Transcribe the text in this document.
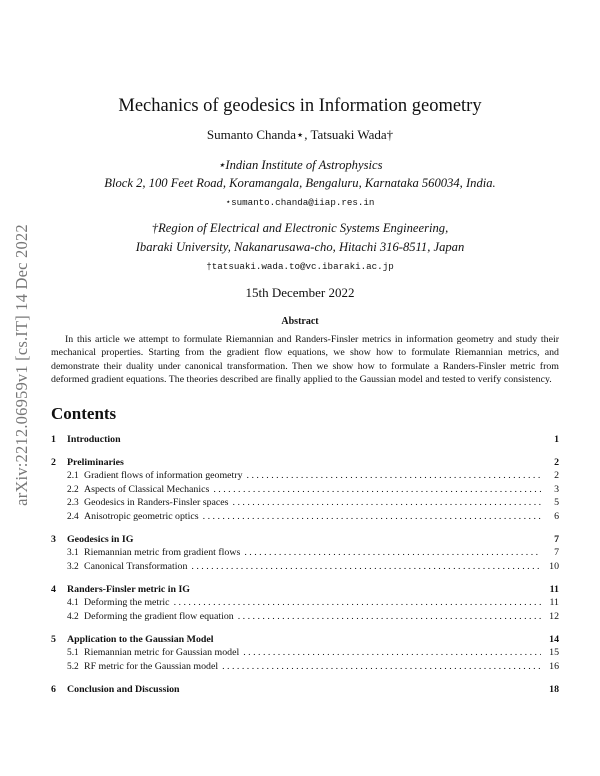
arXiv:2212.06959v1 [cs.IT] 14 Dec 2022
Mechanics of geodesics in Information geometry
Sumanto Chanda⋆, Tatsuaki Wada†
⋆Indian Institute of Astrophysics
Block 2, 100 Feet Road, Koramangala, Bengaluru, Karnataka 560034, India.
⋆sumanto.chanda@iiap.res.in
†Region of Electrical and Electronic Systems Engineering,
Ibaraki University, Nakanarusawa-cho, Hitachi 316-8511, Japan
†tatsuaki.wada.to@vc.ibaraki.ac.jp
15th December 2022
Abstract

In this article we attempt to formulate Riemannian and Randers-Finsler metrics in information geometry and study their mechanical properties. Starting from the gradient flow equations, we show how to formulate Riemannian metrics, and demonstrate their duality under canonical transformation. Then we show how to formulate a Randers-Finsler metric from deformed gradient equations. The theories described are finally applied to the Gaussian model and tested to verify consistency.

Contents
1	Introduction	1
2	Preliminaries	2
2.1 Gradient flows of information geometry . . .	2
2.2 Aspects of Classical Mechanics . . .	3
2.3 Geodesics in Randers-Finsler spaces . . .	5
2.4 Anisotropic geometric optics . . .	6
3	Geodesics in IG	7
3.1 Riemannian metric from gradient flows . . .	7
3.2 Canonical Transformation . . .	10
4	Randers-Finsler metric in IG	11
4.1 Deforming the metric . . .	11
4.2 Deforming the gradient flow equation . . .	12
5	Application to the Gaussian Model	14
5.1 Riemannian metric for Gaussian model . . .	15
5.2 RF metric for the Gaussian model . . .	16
6	Conclusion and Discussion	18
